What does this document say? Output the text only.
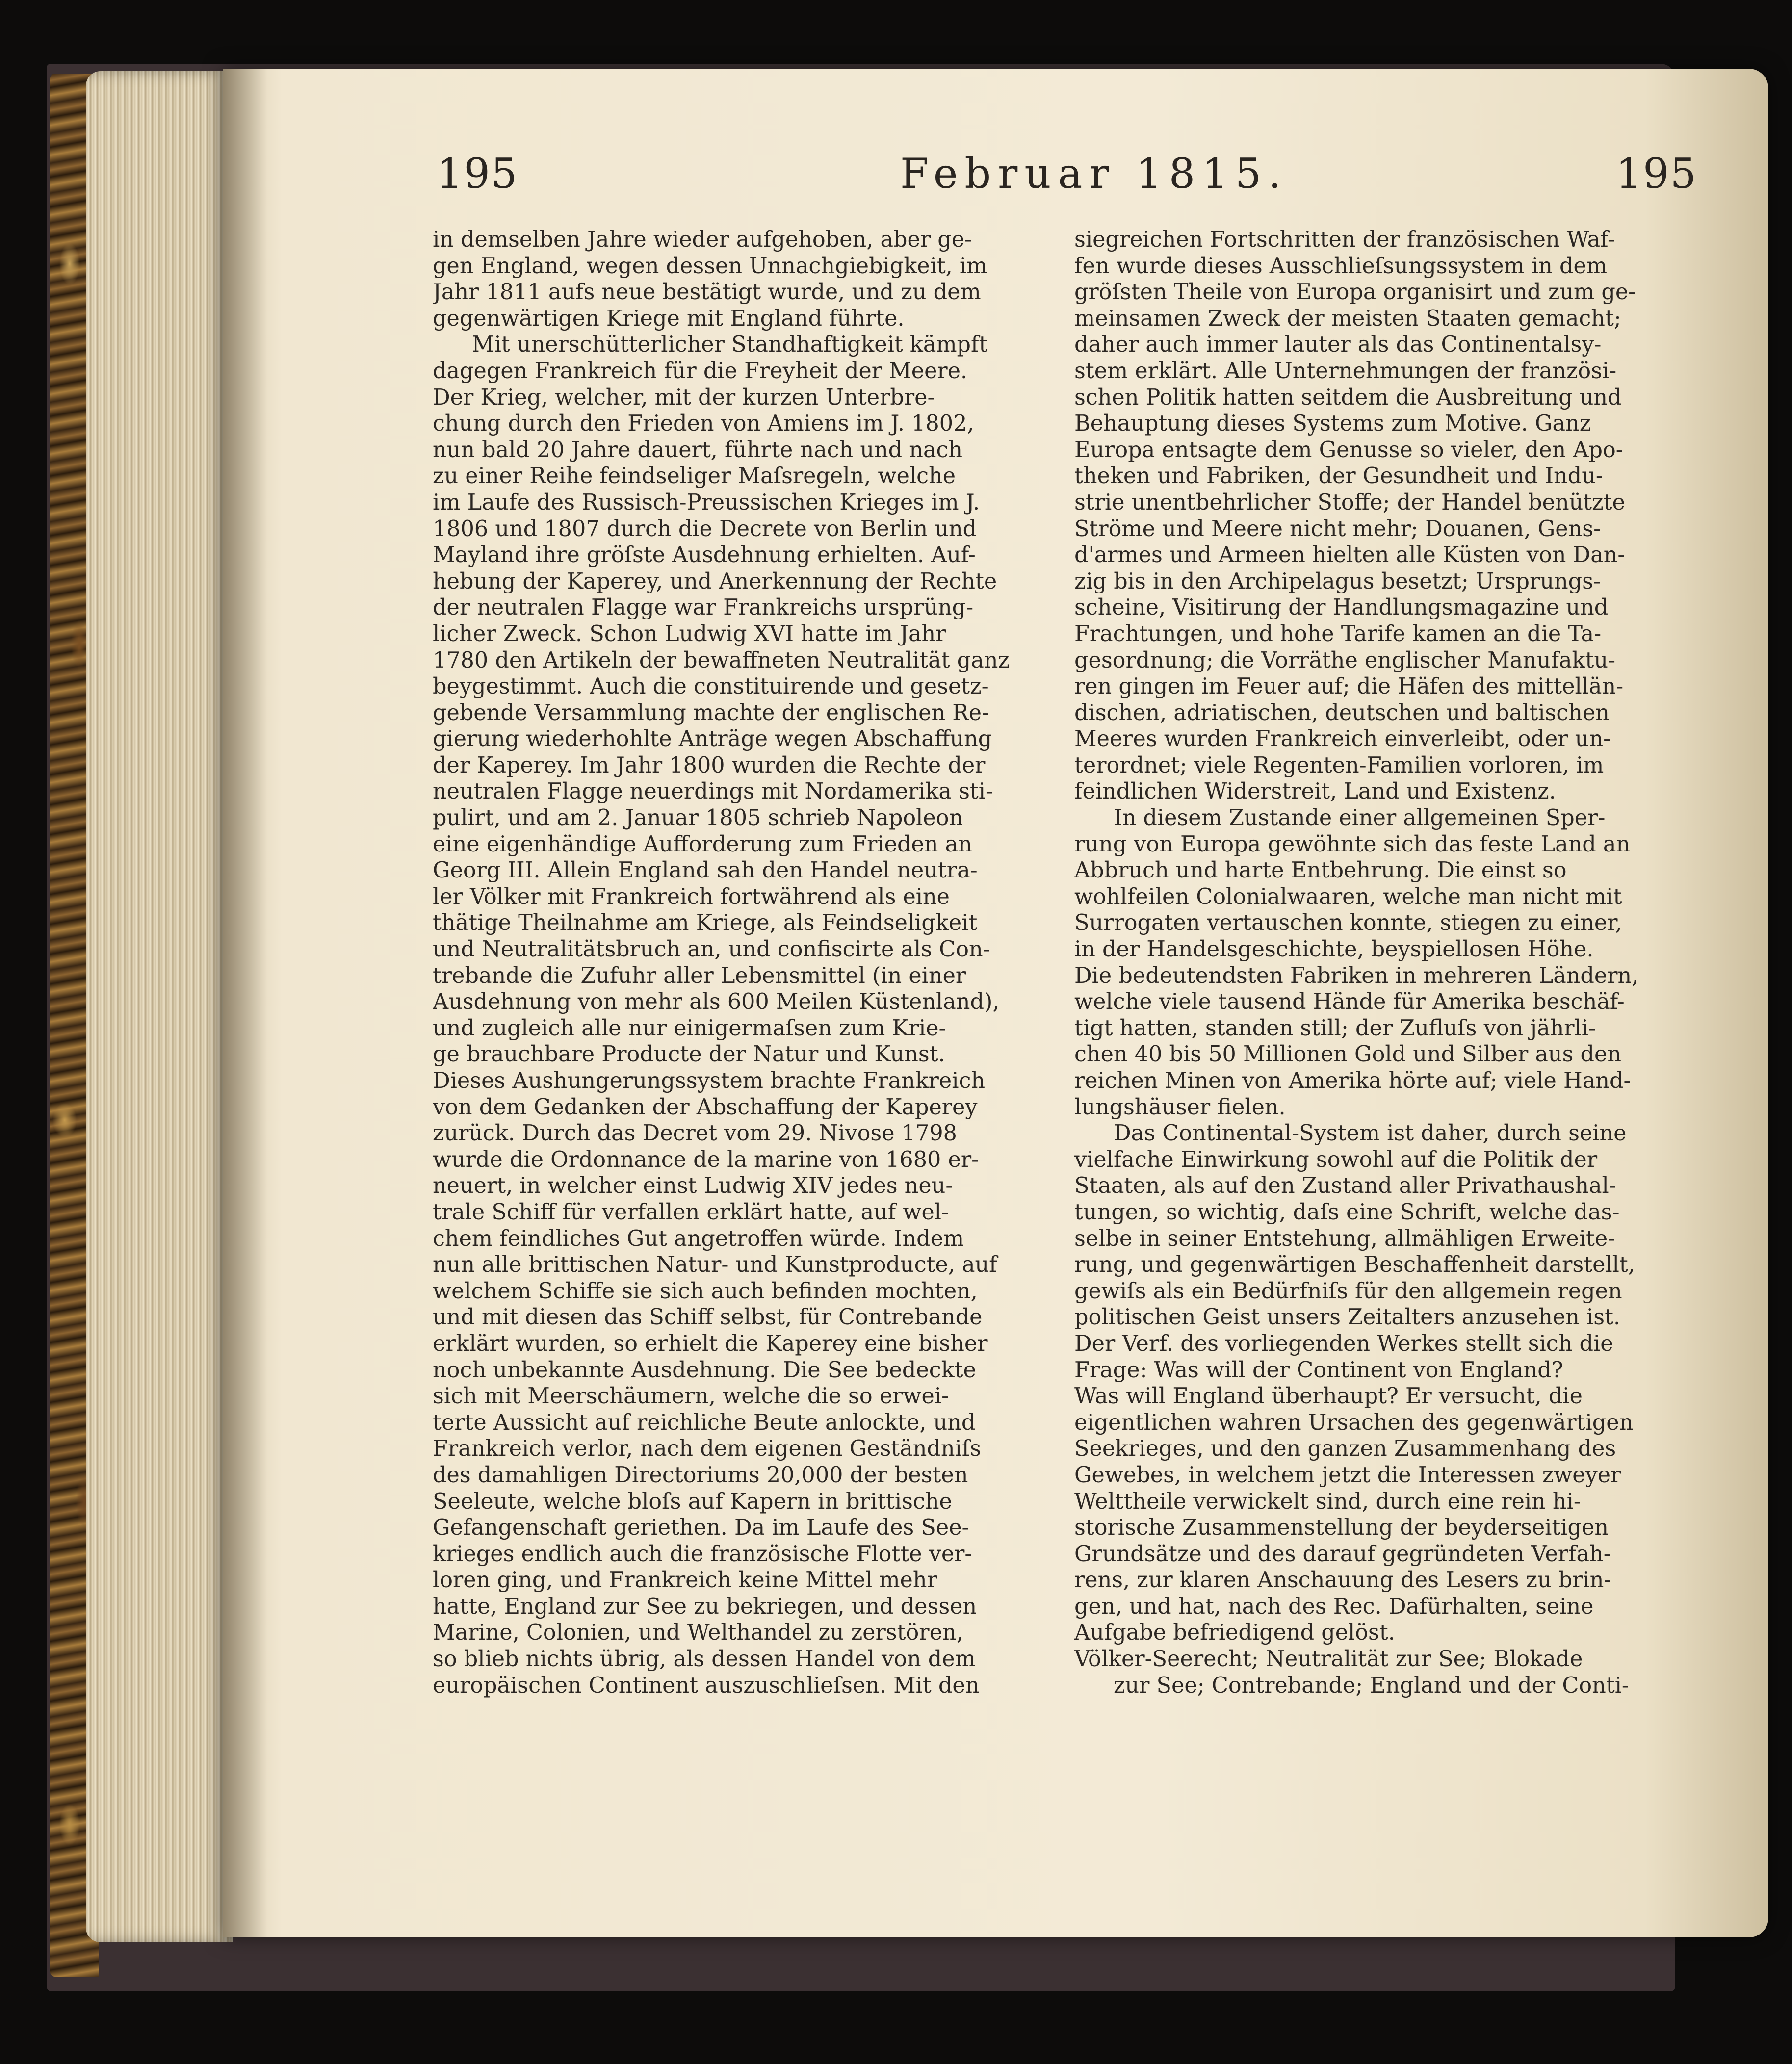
195	Februar 1815.	195
in demselben Jahre wieder aufgehoben, aber ge-
gen England, wegen dessen Unnachgiebigkeit, im
Jahr 1811 aufs neue bestätigt wurde, und zu dem
gegenwärtigen Kriege mit England führte.
Mit unerschütterlicher Standhaftigkeit kämpft
dagegen Frankreich für die Freyheit der Meere.
Der Krieg, welcher, mit der kurzen Unterbre-
chung durch den Frieden von Amiens im J. 1802,
nun bald 20 Jahre dauert, führte nach und nach
zu einer Reihe feindseliger Maſsregeln, welche
im Laufe des Russisch-Preussischen Krieges im J.
1806 und 1807 durch die Decrete von Berlin und
Mayland ihre gröſste Ausdehnung erhielten. Auf-
hebung der Kaperey, und Anerkennung der Rechte
der neutralen Flagge war Frankreichs ursprüng-
licher Zweck. Schon Ludwig XVI hatte im Jahr
1780 den Artikeln der bewaffneten Neutralität ganz
beygestimmt. Auch die constituirende und gesetz-
gebende Versammlung machte der englischen Re-
gierung wiederhohlte Anträge wegen Abschaffung
der Kaperey. Im Jahr 1800 wurden die Rechte der
neutralen Flagge neuerdings mit Nordamerika sti-
pulirt, und am 2. Januar 1805 schrieb Napoleon
eine eigenhändige Aufforderung zum Frieden an
Georg III. Allein England sah den Handel neutra-
ler Völker mit Frankreich fortwährend als eine
thätige Theilnahme am Kriege, als Feindseligkeit
und Neutralitätsbruch an, und confiscirte als Con-
trebande die Zufuhr aller Lebensmittel (in einer
Ausdehnung von mehr als 600 Meilen Küstenland),
und zugleich alle nur einigermaſsen zum Krie-
ge brauchbare Producte der Natur und Kunst.
Dieses Aushungerungssystem brachte Frankreich
von dem Gedanken der Abschaffung der Kaperey
zurück. Durch das Decret vom 29. Nivose 1798
wurde die Ordonnance de la marine von 1680 er-
neuert, in welcher einst Ludwig XIV jedes neu-
trale Schiff für verfallen erklärt hatte, auf wel-
chem feindliches Gut angetroffen würde. Indem
nun alle brittischen Natur- und Kunstproducte, auf
welchem Schiffe sie sich auch befinden mochten,
und mit diesen das Schiff selbst, für Contrebande
erklärt wurden, so erhielt die Kaperey eine bisher
noch unbekannte Ausdehnung. Die See bedeckte
sich mit Meerschäumern, welche die so erwei-
terte Aussicht auf reichliche Beute anlockte, und
Frankreich verlor, nach dem eigenen Geständniſs
des damahligen Directoriums 20,000 der besten
Seeleute, welche bloſs auf Kapern in brittische
Gefangenschaft geriethen. Da im Laufe des See-
krieges endlich auch die französische Flotte ver-
loren ging, und Frankreich keine Mittel mehr
hatte, England zur See zu bekriegen, und dessen
Marine, Colonien, und Welthandel zu zerstören,
so blieb nichts übrig, als dessen Handel von dem
europäischen Continent auszuschlieſsen. Mit den
siegreichen Fortschritten der französischen Waf-
fen wurde dieses Ausschlieſsungssystem in dem
gröſsten Theile von Europa organisirt und zum ge-
meinsamen Zweck der meisten Staaten gemacht;
daher auch immer lauter als das Continentalsy-
stem erklärt. Alle Unternehmungen der französi-
schen Politik hatten seitdem die Ausbreitung und
Behauptung dieses Systems zum Motive. Ganz
Europa entsagte dem Genusse so vieler, den Apo-
theken und Fabriken, der Gesundheit und Indu-
strie unentbehrlicher Stoffe; der Handel benützte
Ströme und Meere nicht mehr; Douanen, Gens-
d'armes und Armeen hielten alle Küsten von Dan-
zig bis in den Archipelagus besetzt; Ursprungs-
scheine, Visitirung der Handlungsmagazine und
Frachtungen, und hohe Tarife kamen an die Ta-
gesordnung; die Vorräthe englischer Manufaktu-
ren gingen im Feuer auf; die Häfen des mittellän-
dischen, adriatischen, deutschen und baltischen
Meeres wurden Frankreich einverleibt, oder un-
terordnet; viele Regenten-Familien vorloren, im
feindlichen Widerstreit, Land und Existenz.
In diesem Zustande einer allgemeinen Sper-
rung von Europa gewöhnte sich das feste Land an
Abbruch und harte Entbehrung. Die einst so
wohlfeilen Colonialwaaren, welche man nicht mit
Surrogaten vertauschen konnte, stiegen zu einer,
in der Handelsgeschichte, beyspiellosen Höhe.
Die bedeutendsten Fabriken in mehreren Ländern,
welche viele tausend Hände für Amerika beschäf-
tigt hatten, standen still; der Zufluſs von jährli-
chen 40 bis 50 Millionen Gold und Silber aus den
reichen Minen von Amerika hörte auf; viele Hand-
lungshäuser fielen.
Das Continental-System ist daher, durch seine
vielfache Einwirkung sowohl auf die Politik der
Staaten, als auf den Zustand aller Privathaushal-
tungen, so wichtig, daſs eine Schrift, welche das-
selbe in seiner Entstehung, allmähligen Erweite-
rung, und gegenwärtigen Beschaffenheit darstellt,
gewiſs als ein Bedürfniſs für den allgemein regen
politischen Geist unsers Zeitalters anzusehen ist.
Der Verf. des vorliegenden Werkes stellt sich die
Frage: Was will der Continent von England?
Was will England überhaupt? Er versucht, die
eigentlichen wahren Ursachen des gegenwärtigen
Seekrieges, und den ganzen Zusammenhang des
Gewebes, in welchem jetzt die Interessen zweyer
Welttheile verwickelt sind, durch eine rein hi-
storische Zusammenstellung der beyderseitigen
Grundsätze und des darauf gegründeten Verfah-
rens, zur klaren Anschauung des Lesers zu brin-
gen, und hat, nach des Rec. Dafürhalten, seine
Aufgabe befriedigend gelöst.
Völker-Seerecht; Neutralität zur See; Blokade
zur See; Contrebande; England und der Conti-
